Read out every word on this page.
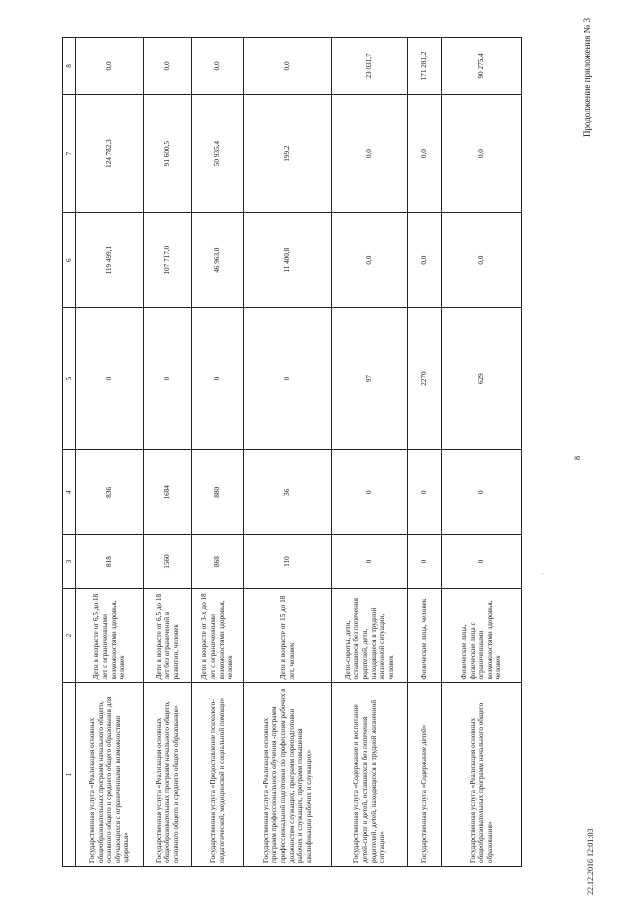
8
Продолжение приложения № 3
1	2	3	4	5	6	7	8
Государственная услуга «Реализация основных общеобразовательных программ начального общего, основного общего и среднего общего образования для обучающихся с ограниченными возможностями здоровья»	Дети в возрасте от 6,5 до 18 лет с ограниченными возможностями здоровья, человек	818	836	0	119 499,1	124 782,3	0,0
Государственная услуга «Реализация основных общеобразовательных программ начального общего, основного общего и среднего общего образования»	Дети в возрасте от 6,5 до 18 лет без ограничений в развитии, человек	1560	1684	0	107 717,0	91 600,5	0,0
Государственная услуга «Предоставление психолого-педагогической, медицинской и социальной помощи»	Дети в возрасте от 3-х до 18 лет с ограниченными возможностями здоровья, человек	868	880	0	46 963,0	50 935,4	0,0
Государственная услуга «Реализация основных программ профессионального обучения -программ профессиональной подготовки по профессиям рабочих в должностям служащих, программ переподготовки рабочих и служащих, программ повышения квалификации рабочих и служащих»	Дети в возрасте от 15 до 18 лет, человек	110	36	0	11 400,8	199,2	0,0
Государственная услуга «Содержание и воспитание детей-сирот и детей, оставшихся без попечения родителей, детей, находящихся в трудной жизненной ситуации»	Дети-сироты, дети, оставшиеся без попечения родителей, дети, находящиеся в трудной жизненной ситуации, человек	0	0	97	0,0	0,0	23 031,7
Государственная услуга «Содержание детей»	Физические лица, человек	0	0	2270	0,0	0,0	171 281,2
Государственная услуга «Реализация основных общеобразовательных программ начального общего образования»	Физические лица, физические лица с ограниченными возможностями здоровья, человек	0	0	629	0,0	0,0	90 275,4
·
22.12.2016 12:01:03
